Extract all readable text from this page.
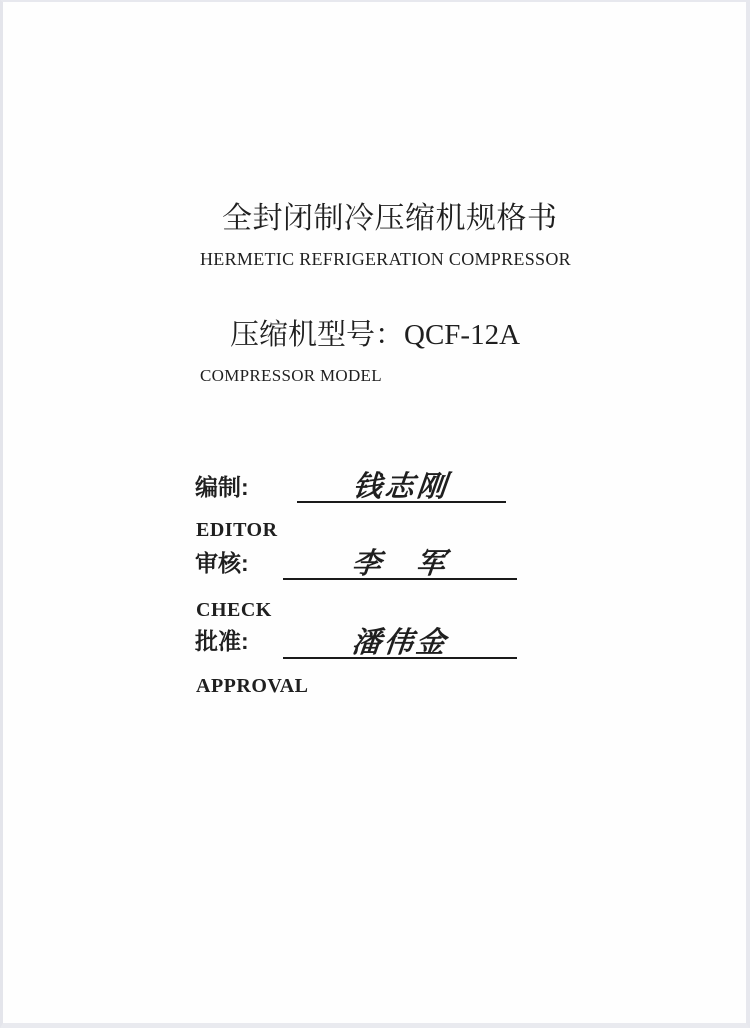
全封闭制冷压缩机规格书
HERMETIC REFRIGERATION COMPRESSOR
压缩机型号：QCF-12A
COMPRESSOR MODEL
编制:	钱志刚
EDITOR
审核:	李　军
CHECK
批准:	潘伟金
APPROVAL
